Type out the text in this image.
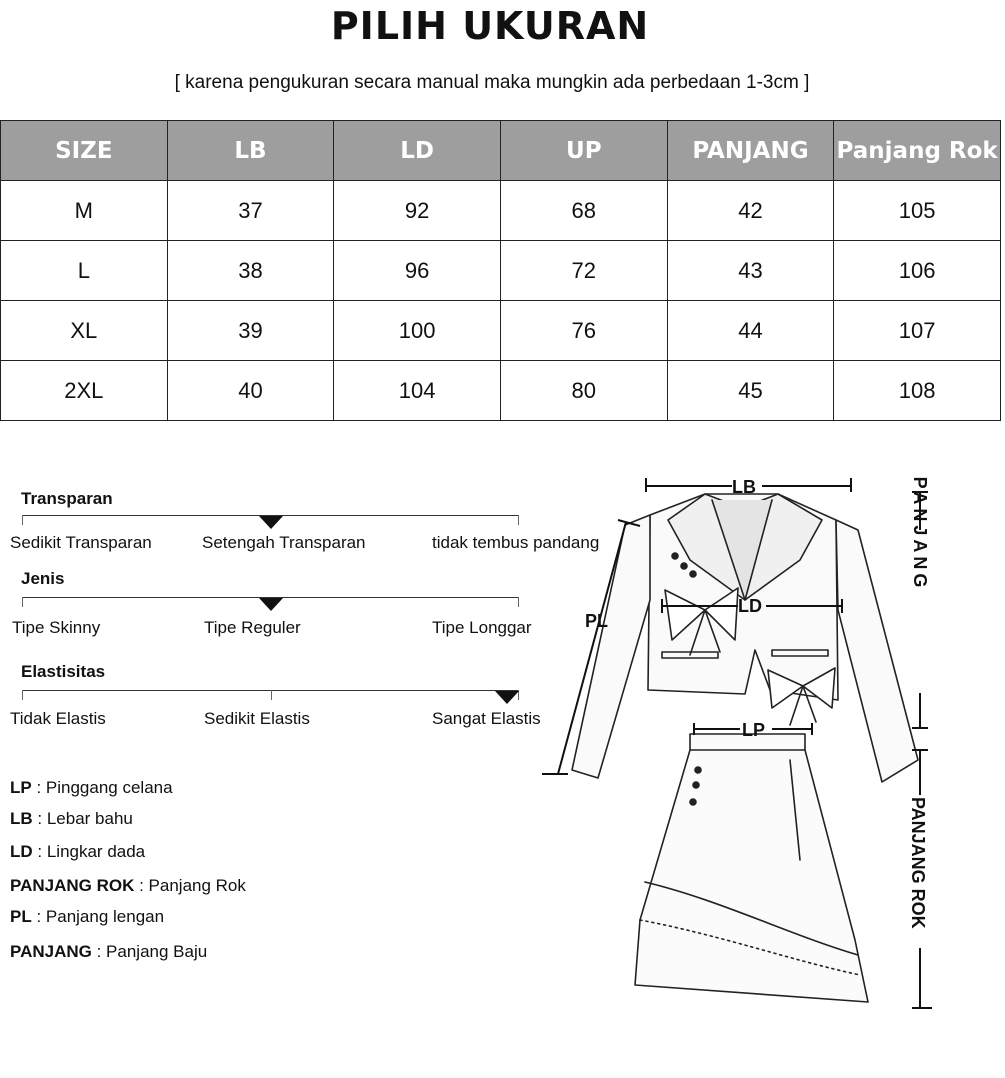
PILIH UKURAN
[ karena pengukuran secara manual maka mungkin ada perbedaan 1-3cm ]
SIZE	LB	LD	UP	PANJANG	Panjang Rok
M	37	92	68	42	105
L	38	96	72	43	106
XL	39	100	76	44	107
2XL	40	104	80	45	108
Transparan
Sedikit Transparan	Setengah Transparan	tidak tembus pandang
Jenis
Tipe Skinny	Tipe Reguler	Tipe Longgar
Elastisitas
Tidak Elastis	Sedikit Elastis	Sangat Elastis
LP : Pinggang celana
LB : Lebar bahu
LD : Lingkar dada
PANJANG ROK : Panjang Rok
PL : Panjang lengan
PANJANG : Panjang Baju
LB
LD
LP
PL
PANJANG
PANJANG ROK
